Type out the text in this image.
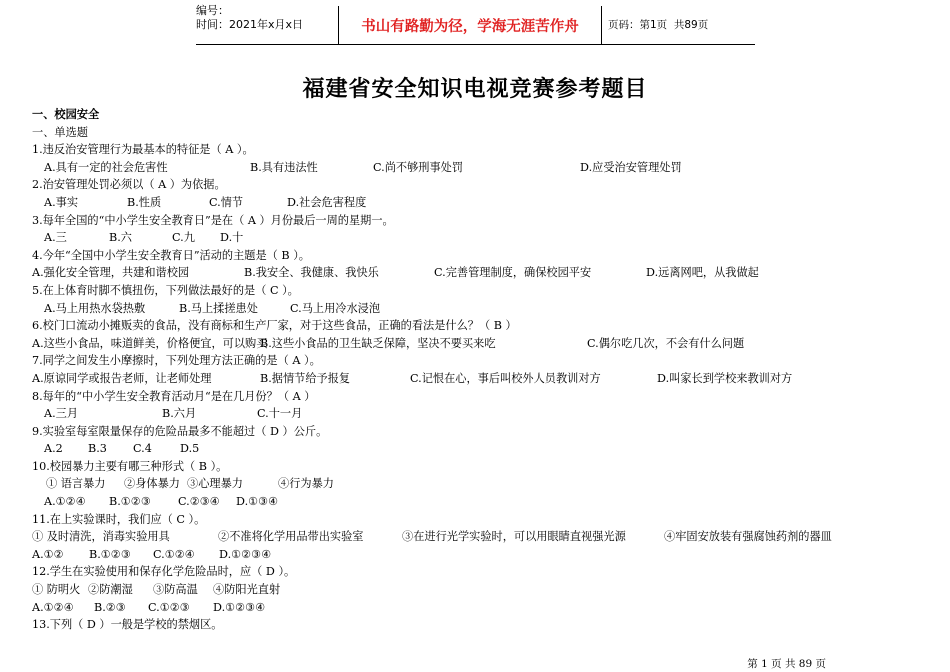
编号：
时间：2021年x月x日	书山有路勤为径，学海无涯苦作舟	页码：第1页  共89页
福建省安全知识电视竞赛参考题目
一、校园安全
一、单选题
1.违反治安管理行为最基本的特征是（ A ）。
A.具有一定的社会危害性	B.具有违法性	C.尚不够刑事处罚	D.应受治安管理处罚
2.治安管理处罚必须以（ A ）为依据。
A.事实	B.性质	C.情节	D.社会危害程度
3.每年全国的“中小学生安全教育日”是在（ A ）月份最后一周的星期一。
A.三	B.六	C.九 D.十
4.今年“全国中小学生安全教育日”活动的主题是（ B ）。
A.强化安全管理，共建和谐校园	B.我安全、我健康、我快乐	C.完善管理制度，确保校园平安	D.远离网吧，从我做起
5.在上体育时脚不慎扭伤，下列做法最好的是（ C ）。
A.马上用热水袋热敷	B.马上揉搓患处	C.马上用冷水浸泡
6.校门口流动小摊贩卖的食品，没有商标和生产厂家，对于这些食品，正确的看法是什么？（ B ）
A.这些小食品，味道鲜美，价格便宜，可以购买
B.这些小食品的卫生缺乏保障，坚决不要买来吃	C.偶尔吃几次，不会有什么问题
7.同学之间发生小摩擦时，下列处理方法正确的是（ A ）。
A.原谅同学或报告老师，让老师处理	B.据情节给予报复	C.记恨在心，事后叫校外人员教训对方	D.叫家长到学校来教训对方
8.每年的“中小学生安全教育活动月“是在几月份？（ A ）
A.三月	B.六月	C.十一月
9.实验室每室限量保存的危险品最多不能超过（ D ）公斤。
A.2 B.3 C.4	D.5
10.校园暴力主要有哪三种形式（ B ）。
① 语言暴力 ②身体暴力 ③心理暴力	④行为暴力
A.①②④ B.①②③ C.②③④ D.①③④
11.在上实验课时，我们应（ C ）。
① 及时清洗，消毒实验用具	②不准将化学用品带出实验室	③在进行光学实验时，可以用眼睛直视强光源	④牢固安放装有强腐蚀药剂的器皿
A.①② B.①②③ C.①②④ D.①②③④
12.学生在实验使用和保存化学危险品时，应（ D ）。
① 防明火 ②防潮湿 ③防高温 ④防阳光直射
A.①②④ B.②③ C.①②③ D.①②③④
13.下列（ D ）一般是学校的禁烟区。
第 1 页 共 89 页
